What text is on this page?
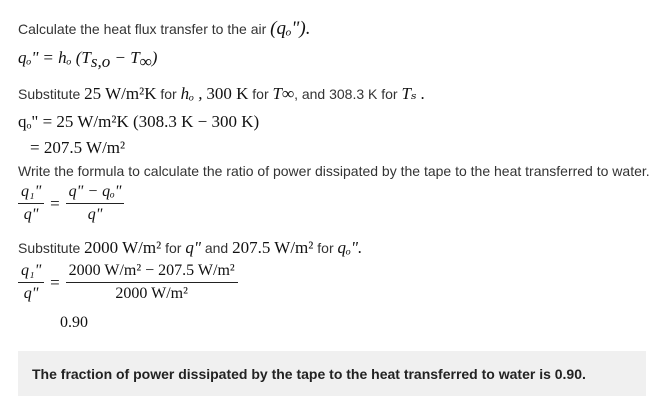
Calculate the heat flux transfer to the air (qₒ").
qₒ" = hₒ $(T_{s,o} - T_\infty)$
Substitute 25 W/m²K for hₒ , 300 K for T∞, and 308.3 K for Tₛ .
qₒ" = 25 W/m²K (308.3 K − 300 K)
= 207.5 W/m²
Write the formula to calculate the ratio of power dissipated by the tape to the heat transferred to water.
$\frac{\text{q₁"}}{q"} = \frac{\text{q" − qₒ"}}{q"}$
Substitute 2000 W/m² for q" and 207.5 W/m² for qₒ".
$\frac{\text{q₁"}}{q"} = \frac{\text{2000 W/m² − 207.5 W/m²}}{\text{2000 W/m²}}$
0.90
The fraction of power dissipated by the tape to the heat transferred to water is 0.90.
